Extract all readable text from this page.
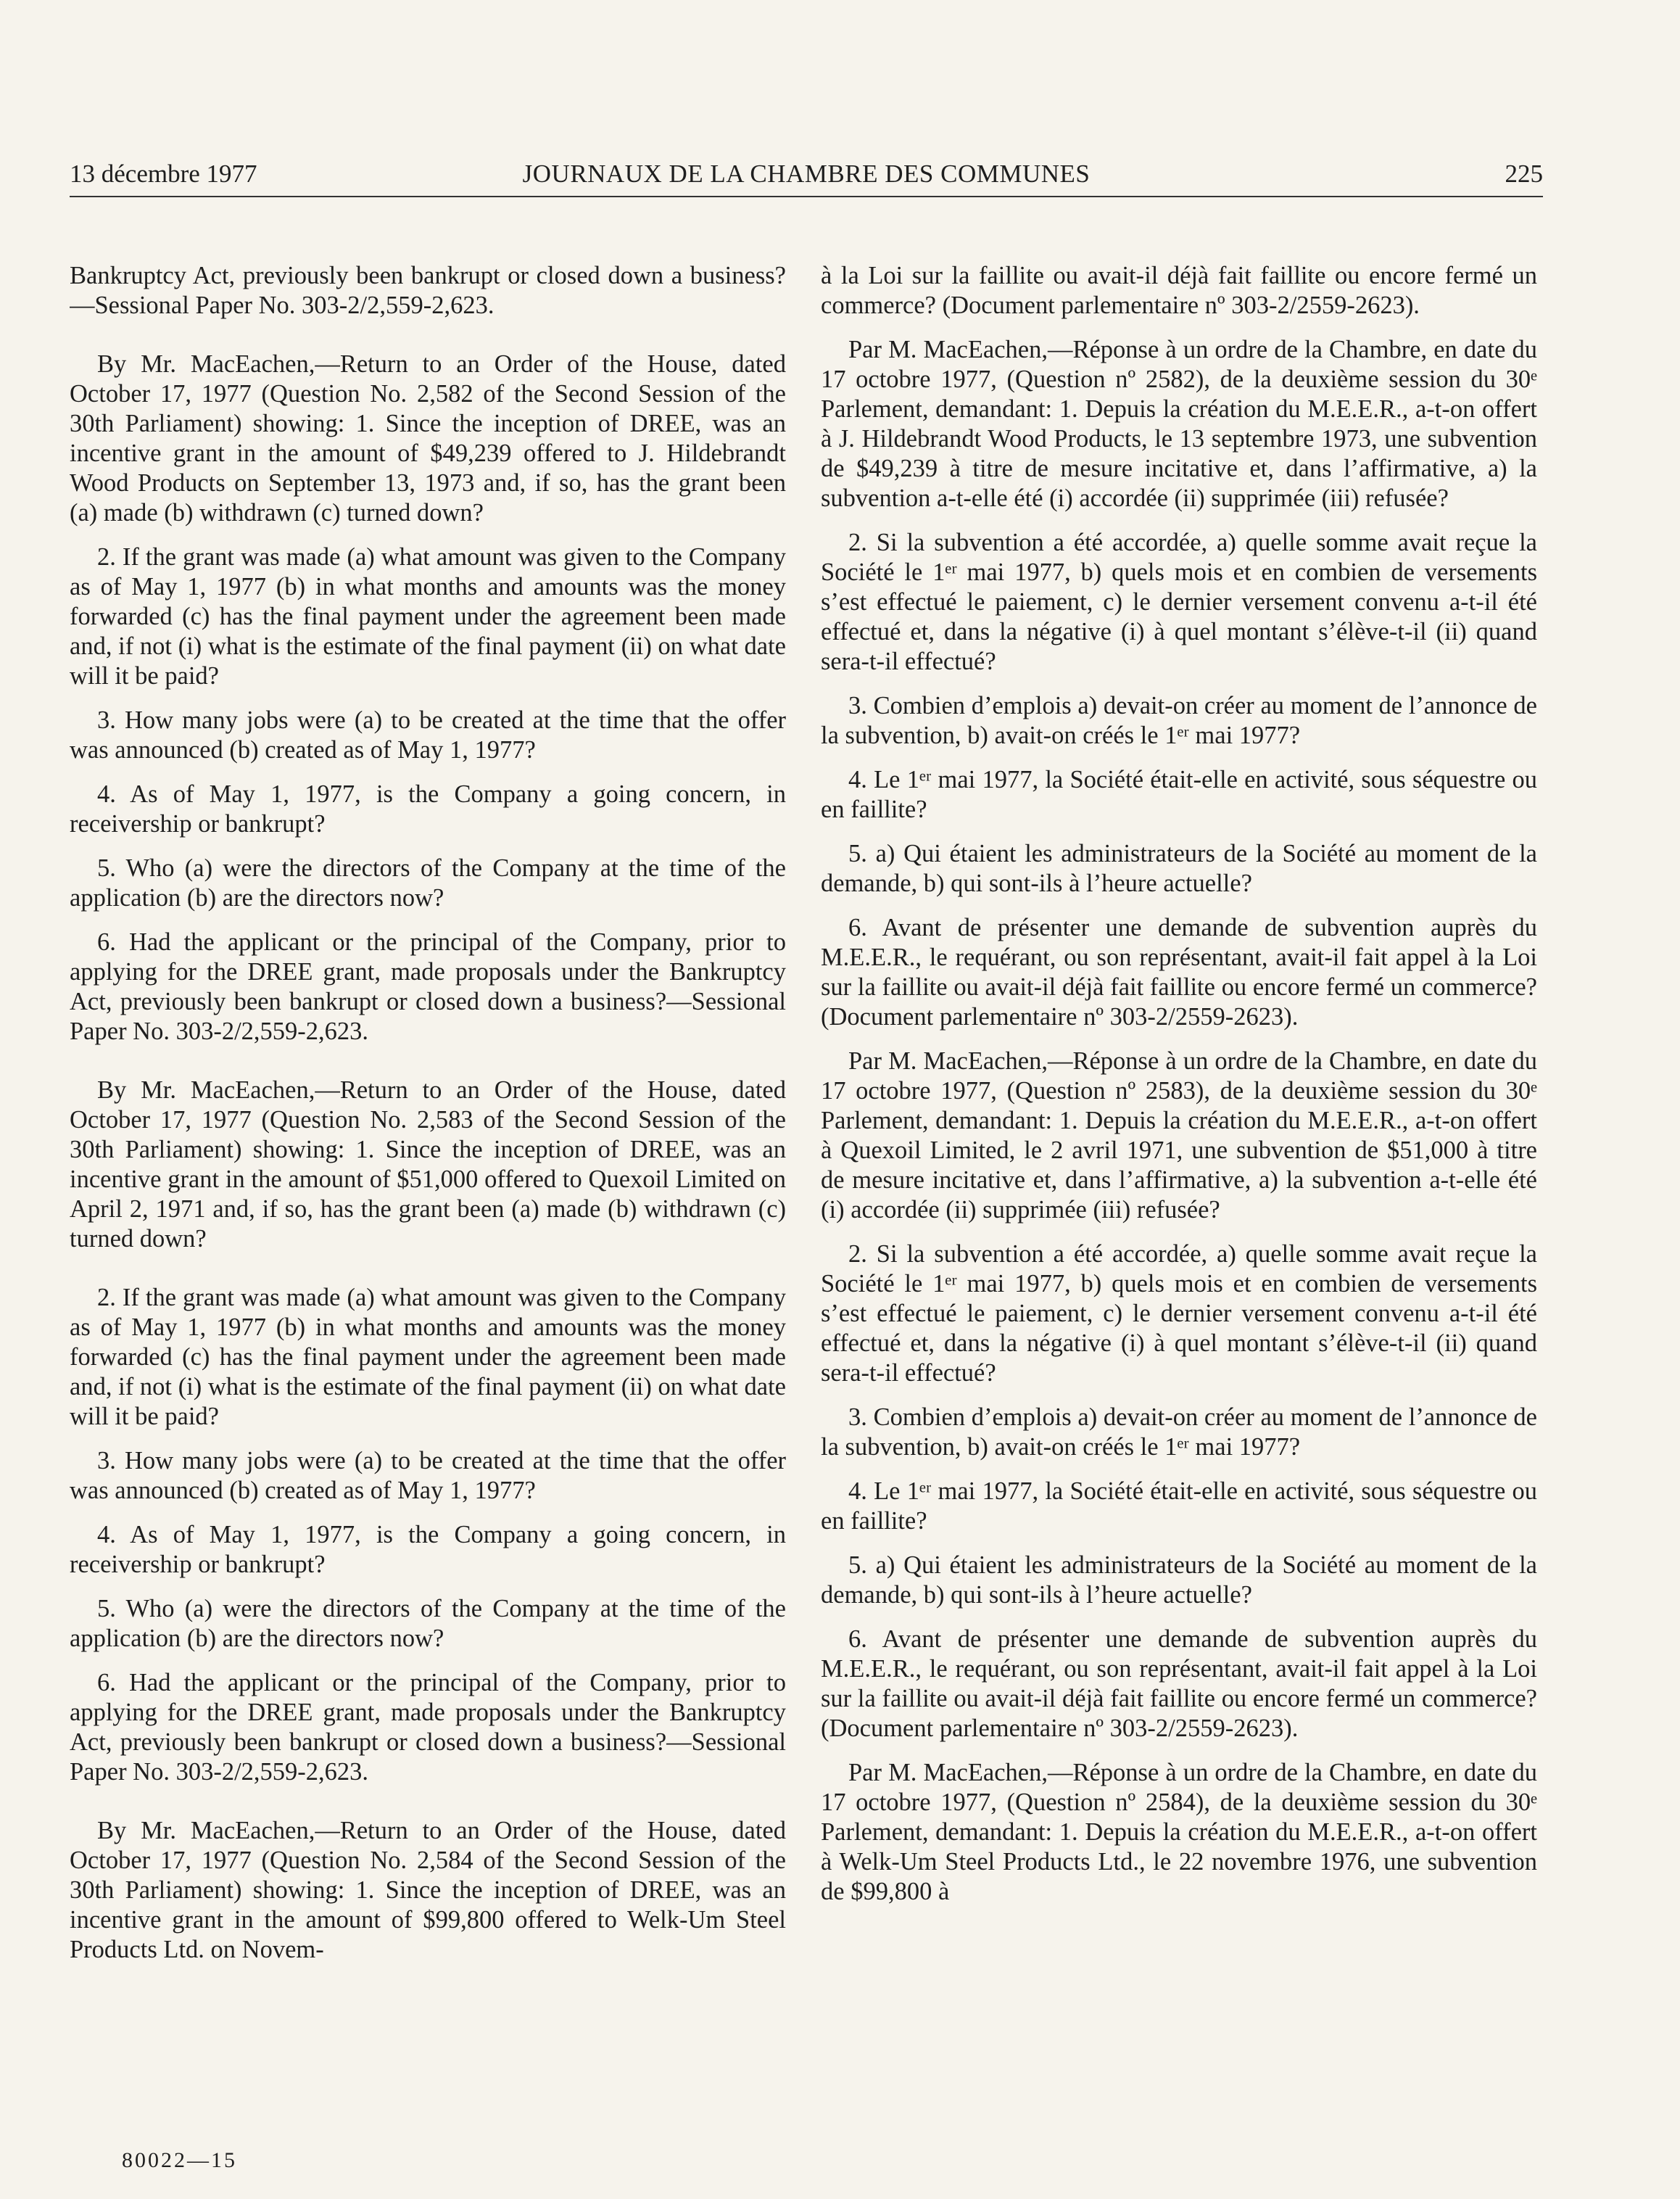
13 décembre 1977	JOURNAUX DE LA CHAMBRE DES COMMUNES	225

Bankruptcy Act, previously been bankrupt or closed down a business?—Sessional Paper No. 303-2/2,559-2,623.

By Mr. MacEachen,—Return to an Order of the House, dated October 17, 1977 (Question No. 2,582 of the Second Session of the 30th Parliament) showing: 1. Since the inception of DREE, was an incentive grant in the amount of $49,239 offered to J. Hildebrandt Wood Products on September 13, 1973 and, if so, has the grant been (a) made (b) withdrawn (c) turned down?

2. If the grant was made (a) what amount was given to the Company as of May 1, 1977 (b) in what months and amounts was the money forwarded (c) has the final payment under the agreement been made and, if not (i) what is the estimate of the final payment (ii) on what date will it be paid?

3. How many jobs were (a) to be created at the time that the offer was announced (b) created as of May 1, 1977?

4. As of May 1, 1977, is the Company a going concern, in receivership or bankrupt?

5. Who (a) were the directors of the Company at the time of the application (b) are the directors now?

6. Had the applicant or the principal of the Company, prior to applying for the DREE grant, made proposals under the Bankruptcy Act, previously been bankrupt or closed down a business?—Sessional Paper No. 303-2/2,559-2,623.

By Mr. MacEachen,—Return to an Order of the House, dated October 17, 1977 (Question No. 2,583 of the Second Session of the 30th Parliament) showing: 1. Since the inception of DREE, was an incentive grant in the amount of $51,000 offered to Quexoil Limited on April 2, 1971 and, if so, has the grant been (a) made (b) withdrawn (c) turned down?

2. If the grant was made (a) what amount was given to the Company as of May 1, 1977 (b) in what months and amounts was the money forwarded (c) has the final payment under the agreement been made and, if not (i) what is the estimate of the final payment (ii) on what date will it be paid?

3. How many jobs were (a) to be created at the time that the offer was announced (b) created as of May 1, 1977?

4. As of May 1, 1977, is the Company a going concern, in receivership or bankrupt?

5. Who (a) were the directors of the Company at the time of the application (b) are the directors now?

6. Had the applicant or the principal of the Company, prior to applying for the DREE grant, made proposals under the Bankruptcy Act, previously been bankrupt or closed down a business?—Sessional Paper No. 303-2/2,559-2,623.

By Mr. MacEachen,—Return to an Order of the House, dated October 17, 1977 (Question No. 2,584 of the Second Session of the 30th Parliament) showing: 1. Since the inception of DREE, was an incentive grant in the amount of $99,800 offered to Welk-Um Steel Products Ltd. on Novem-

à la Loi sur la faillite ou avait-il déjà fait faillite ou encore fermé un commerce? (Document parlementaire nº 303-2/2559-2623).

Par M. MacEachen,—Réponse à un ordre de la Chambre, en date du 17 octobre 1977, (Question nº 2582), de la deuxième session du 30ᵉ Parlement, demandant: 1. Depuis la création du M.E.E.R., a-t-on offert à J. Hildebrandt Wood Products, le 13 septembre 1973, une subvention de $49,239 à titre de mesure incitative et, dans l’affirmative, a) la subvention a-t-elle été (i) accordée (ii) supprimée (iii) refusée?

2. Si la subvention a été accordée, a) quelle somme avait reçue la Société le 1ᵉʳ mai 1977, b) quels mois et en combien de versements s’est effectué le paiement, c) le dernier versement convenu a-t-il été effectué et, dans la négative (i) à quel montant s’élève-t-il (ii) quand sera-t-il effectué?

3. Combien d’emplois a) devait-on créer au moment de l’annonce de la subvention, b) avait-on créés le 1ᵉʳ mai 1977?

4. Le 1ᵉʳ mai 1977, la Société était-elle en activité, sous séquestre ou en faillite?

5. a) Qui étaient les administrateurs de la Société au moment de la demande, b) qui sont-ils à l’heure actuelle?

6. Avant de présenter une demande de subvention auprès du M.E.E.R., le requérant, ou son représentant, avait-il fait appel à la Loi sur la faillite ou avait-il déjà fait faillite ou encore fermé un commerce? (Document parlementaire nº 303-2/2559-2623).

Par M. MacEachen,—Réponse à un ordre de la Chambre, en date du 17 octobre 1977, (Question nº 2583), de la deuxième session du 30ᵉ Parlement, demandant: 1. Depuis la création du M.E.E.R., a-t-on offert à Quexoil Limited, le 2 avril 1971, une subvention de $51,000 à titre de mesure incitative et, dans l’affirmative, a) la subvention a-t-elle été (i) accordée (ii) supprimée (iii) refusée?

2. Si la subvention a été accordée, a) quelle somme avait reçue la Société le 1ᵉʳ mai 1977, b) quels mois et en combien de versements s’est effectué le paiement, c) le dernier versement convenu a-t-il été effectué et, dans la négative (i) à quel montant s’élève-t-il (ii) quand sera-t-il effectué?

3. Combien d’emplois a) devait-on créer au moment de l’annonce de la subvention, b) avait-on créés le 1ᵉʳ mai 1977?

4. Le 1ᵉʳ mai 1977, la Société était-elle en activité, sous séquestre ou en faillite?

5. a) Qui étaient les administrateurs de la Société au moment de la demande, b) qui sont-ils à l’heure actuelle?

6. Avant de présenter une demande de subvention auprès du M.E.E.R., le requérant, ou son représentant, avait-il fait appel à la Loi sur la faillite ou avait-il déjà fait faillite ou encore fermé un commerce? (Document parlementaire nº 303-2/2559-2623).

Par M. MacEachen,—Réponse à un ordre de la Chambre, en date du 17 octobre 1977, (Question nº 2584), de la deuxième session du 30ᵉ Parlement, demandant: 1. Depuis la création du M.E.E.R., a-t-on offert à Welk-Um Steel Products Ltd., le 22 novembre 1976, une subvention de $99,800 à

80022—15
